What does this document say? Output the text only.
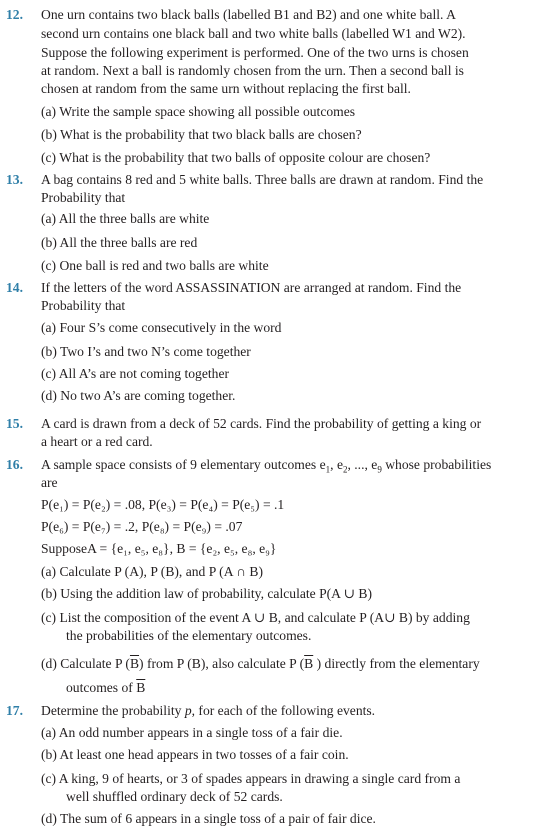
12. One urn contains two black balls (labelled B1 and B2) and one white ball. A
second urn contains one black ball and two white balls (labelled W1 and W2).
Suppose the following experiment is performed. One of the two urns is chosen
at random. Next a ball is randomly chosen from the urn. Then a second ball is
chosen at random from the same urn without replacing the first ball.
(a) Write the sample space showing all possible outcomes
(b) What is the probability that two black balls are chosen?
(c) What is the probability that two balls of opposite colour are chosen?
13. A bag contains 8 red and 5 white balls. Three balls are drawn at random. Find the
Probability that
(a) All the three balls are white
(b) All the three balls are red
(c) One ball is red and two balls are white
14. If the letters of the word ASSASSINATION are arranged at random. Find the
Probability that
(a) Four S’s come consecutively in the word
(b) Two I’s and two N’s come together
(c) All A’s are not coming together
(d) No two A’s are coming together.
15. A card is drawn from a deck of 52 cards. Find the probability of getting a king or
a heart or a red card.
16. A sample space consists of 9 elementary outcomes $e_1$, $e_2$, ..., $e_9$ whose probabilities
are
P(e₁) = P(e₂) = .08, P(e₃) = P(e₄) = P(e₅) = .1
P(e₆) = P(e₇) = .2, P(e₈) = P(e₉) = .07
SupposeA = {e₁, e₅, e₈}, B = {e₂, e₅, e₈, e₉}
(a) Calculate P (A), P (B), and P (A ∩ B)
(b) Using the addition law of probability, calculate P(A ∪ B)
(c) List the composition of the event A ∪ B, and calculate P (A∪ B) by adding
the probabilities of the elementary outcomes.
(d) Calculate P $(\overline{B})$ from P (B), also calculate P ($\overline{B}$ ) directly from the elementary
outcomes of $\overline{B}$
17. Determine the probability p, for each of the following events.
(a) An odd number appears in a single toss of a fair die.
(b) At least one head appears in two tosses of a fair coin.
(c) A king, 9 of hearts, or 3 of spades appears in drawing a single card from a
well shuffled ordinary deck of 52 cards.
(d) The sum of 6 appears in a single toss of a pair of fair dice.
